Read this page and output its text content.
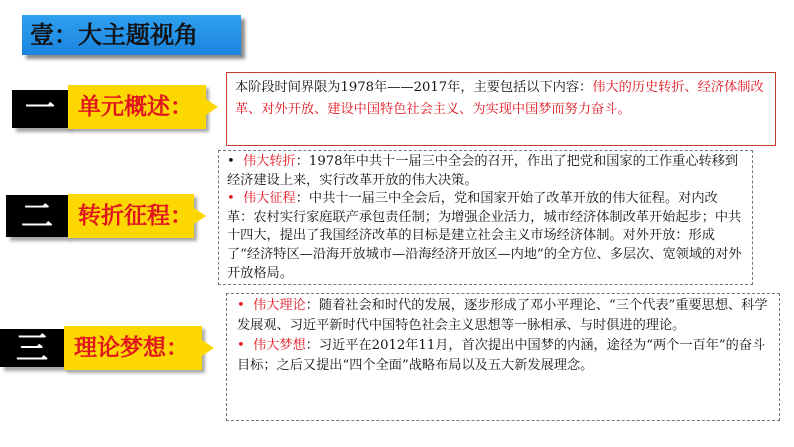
壹：大主题视角
一	单元概述：
本阶段时间界限为1978年——2017年，主要包括以下内容：伟大的历史转折、经济体制改革、对外开放、建设中国特色社会主义、为实现中国梦而努力奋斗。
二	转折征程：

• 伟大转折：1978年中共十一届三中全会的召开，作出了把党和国家的工作重心转移到经济建设上来，实行改革开放的伟大决策。

• 伟大征程：中共十一届三中全会后，党和国家开始了改革开放的伟大征程。对内改革：农村实行家庭联产承包责任制；为增强企业活力，城市经济体制改革开始起步；中共十四大，提出了我国经济改革的目标是建立社会主义市场经济体制。对外开放：形成了“经济特区—沿海开放城市—沿海经济开放区—内地”的全方位、多层次、宽领域的对外开放格局。

三	理论梦想：

• 伟大理论：随着社会和时代的发展，逐步形成了邓小平理论、“三个代表”重要思想、科学发展观、习近平新时代中国特色社会主义思想等一脉相承、与时俱进的理论。

• 伟大梦想：习近平在2012年11月，首次提出中国梦的内涵，途径为“两个一百年”的奋斗目标；之后又提出“四个全面”战略布局以及五大新发展理念。
